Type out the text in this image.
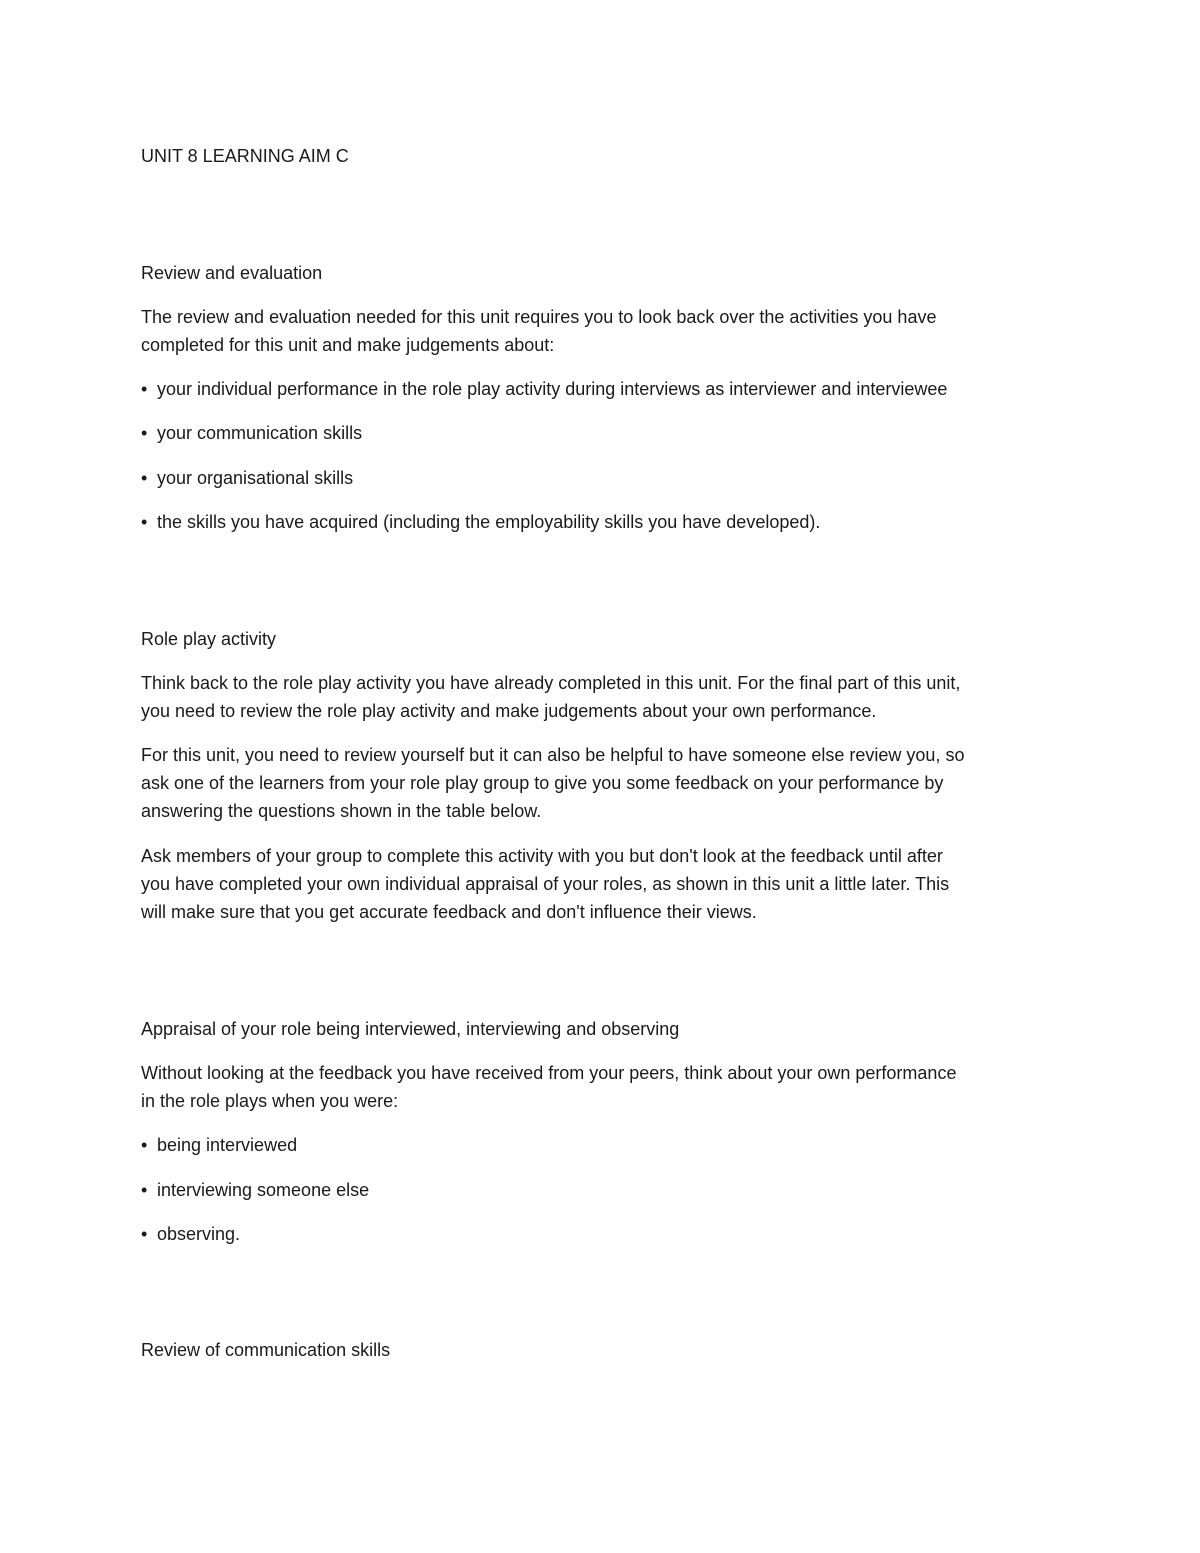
UNIT 8 LEARNING AIM C

Review and evaluation

The review and evaluation needed for this unit requires you to look back over the activities you have

completed for this unit and make judgements about:

• your individual performance in the role play activity during interviews as interviewer and interviewee

• your communication skills

• your organisational skills

• the skills you have acquired (including the employability skills you have developed).

Role play activity

Think back to the role play activity you have already completed in this unit. For the final part of this unit,

you need to review the role play activity and make judgements about your own performance.

For this unit, you need to review yourself but it can also be helpful to have someone else review you, so

ask one of the learners from your role play group to give you some feedback on your performance by

answering the questions shown in the table below.

Ask members of your group to complete this activity with you but don't look at the feedback until after

you have completed your own individual appraisal of your roles, as shown in this unit a little later. This

will make sure that you get accurate feedback and don't influence their views.

Appraisal of your role being interviewed, interviewing and observing

Without looking at the feedback you have received from your peers, think about your own performance

in the role plays when you were:

• being interviewed

• interviewing someone else

• observing.

Review of communication skills
